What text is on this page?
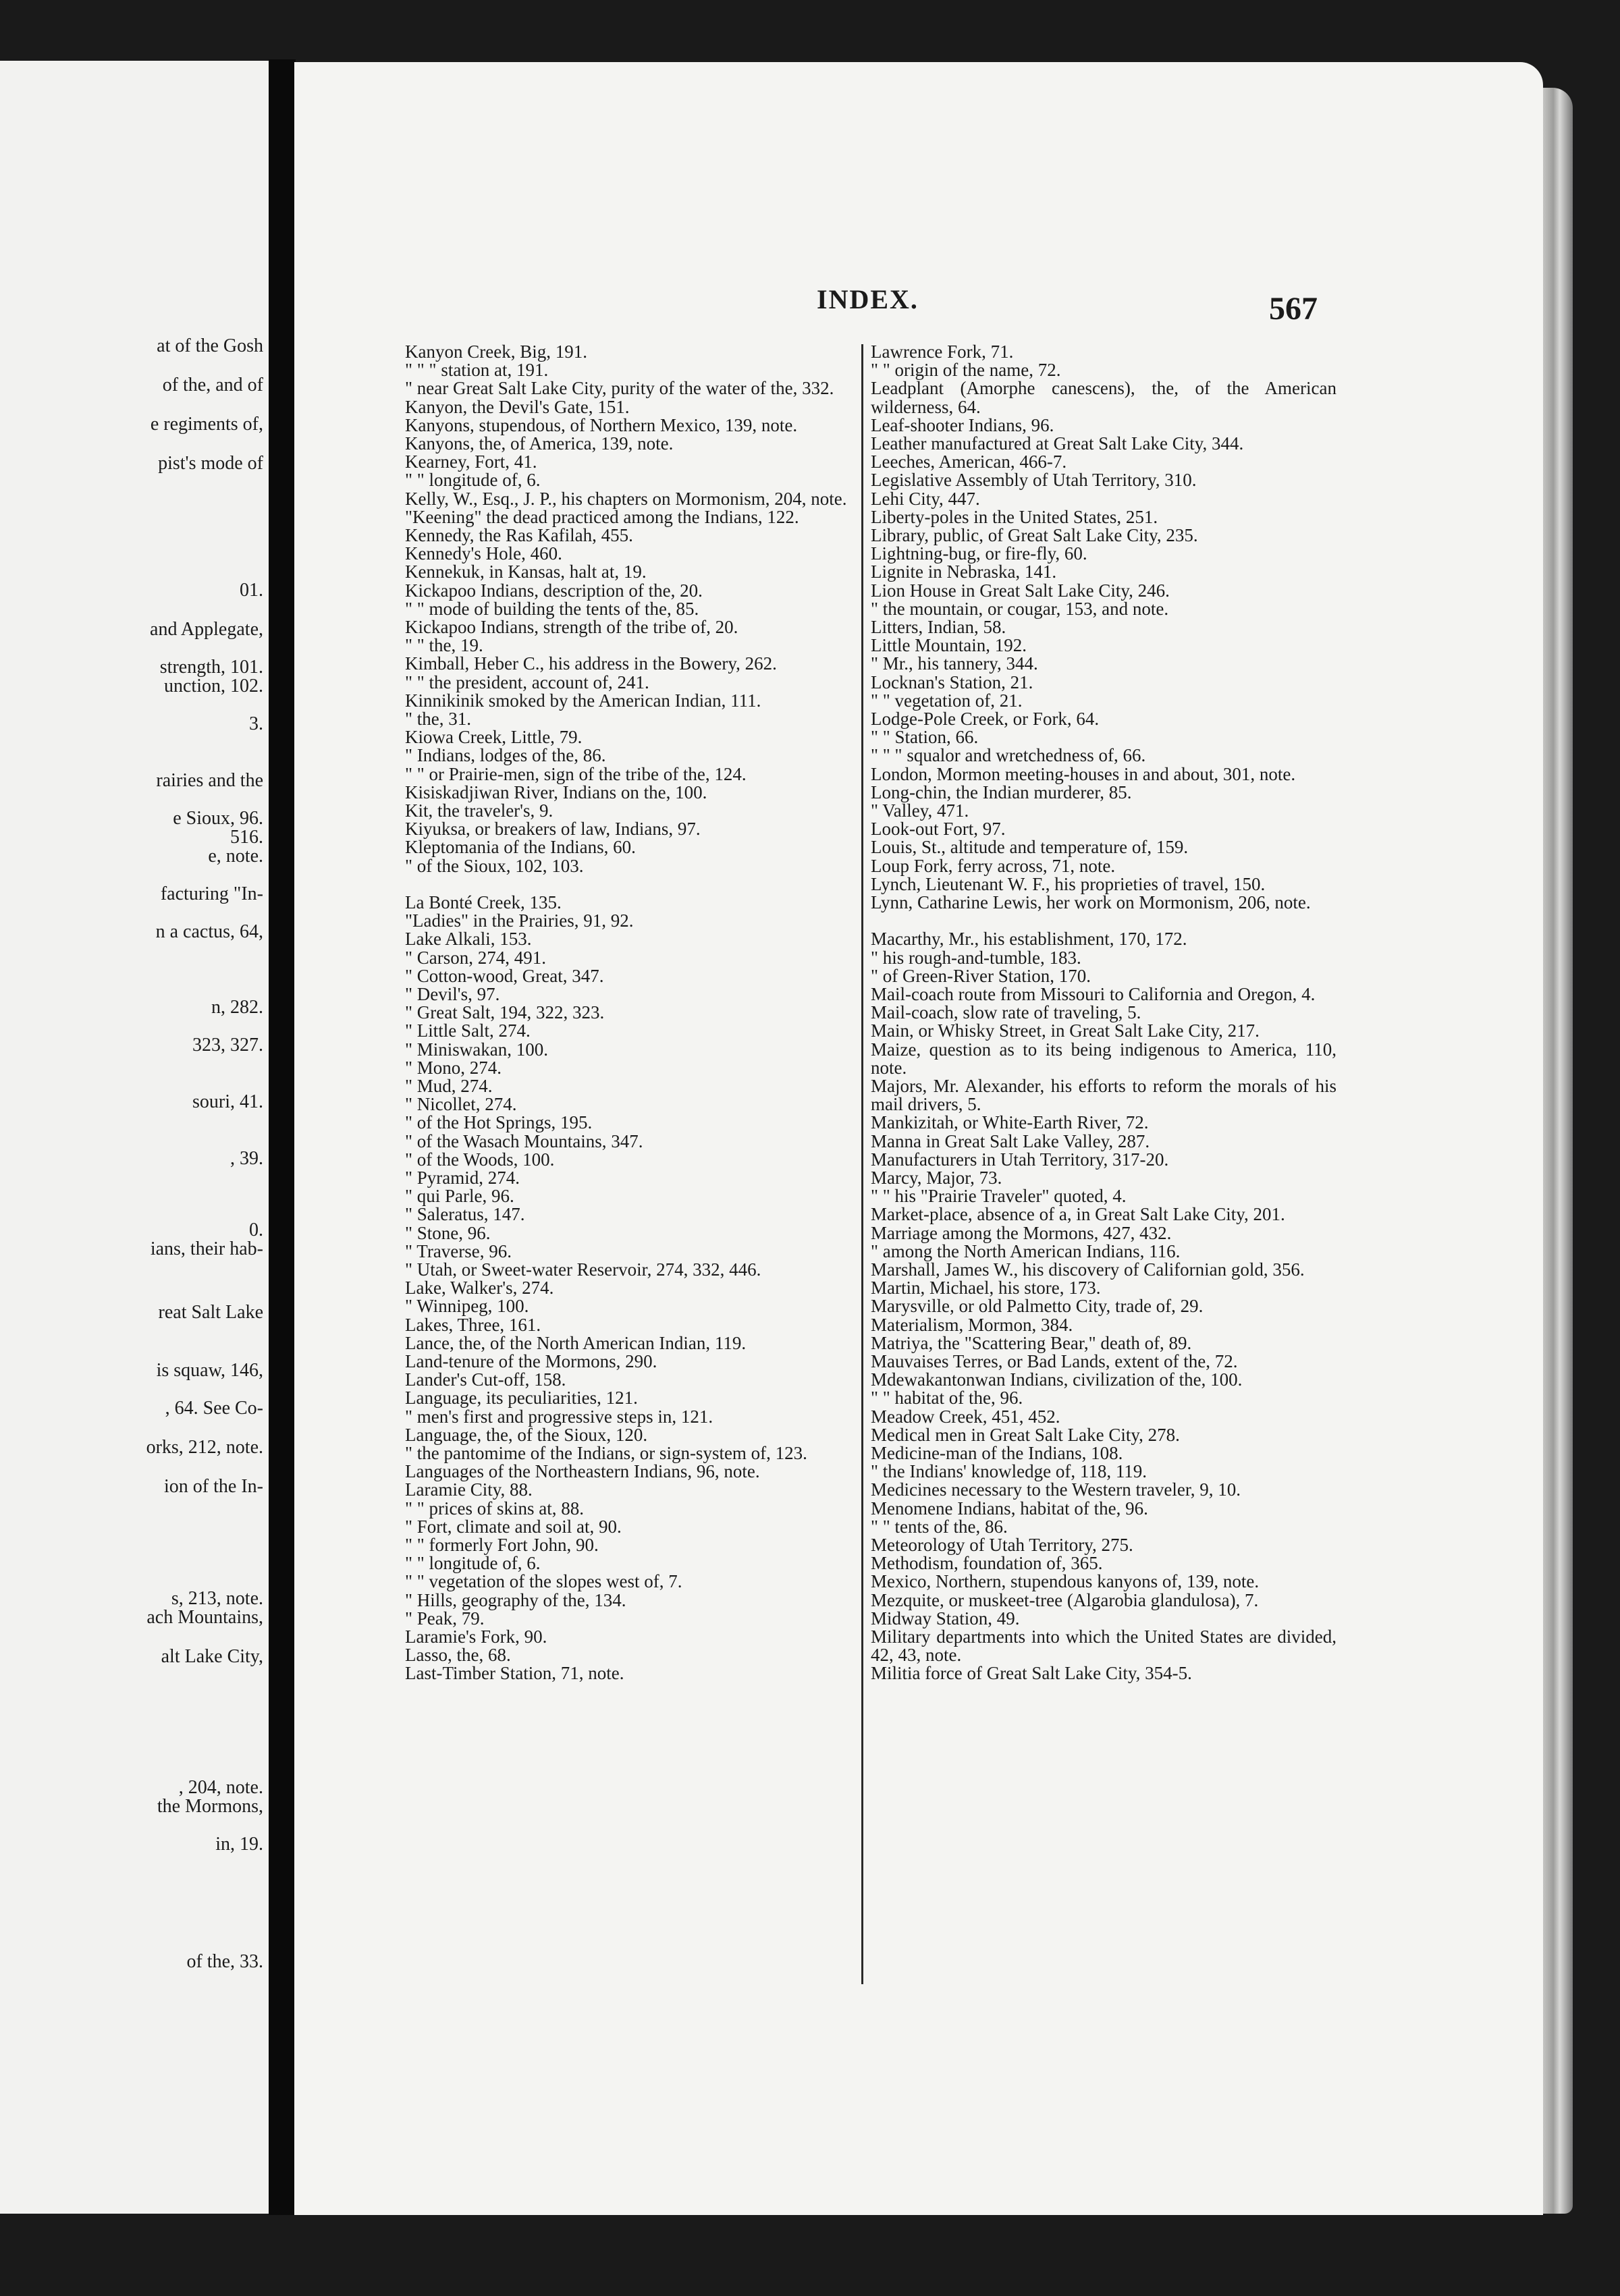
at of the Gosh
of the, and of
e regiments of,
pist's mode of
01.
and Applegate,
strength, 101.
unction, 102.
3.
rairies and the
e Sioux, 96.
516.
e, note.
facturing "In-
n a cactus, 64,
n, 282.
323, 327.
souri, 41.
, 39.
0.
ians, their hab-
reat Salt Lake
is squaw, 146,
, 64. See Co-
orks, 212, note.
ion of the In-
s, 213, note.
ach Mountains,
alt Lake City,
, 204, note.
the Mormons,
in, 19.
of the, 33.
INDEX.	567
Kanyon Creek, Big, 191.
" " " station at, 191.
" near Great Salt Lake City, purity of the water of the, 332.
Kanyon, the Devil's Gate, 151.
Kanyons, stupendous, of Northern Mexico, 139, note.
Kanyons, the, of America, 139, note.
Kearney, Fort, 41.
" " longitude of, 6.
Kelly, W., Esq., J. P., his chapters on Mormonism, 204, note.
"Keening" the dead practiced among the Indians, 122.
Kennedy, the Ras Kafilah, 455.
Kennedy's Hole, 460.
Kennekuk, in Kansas, halt at, 19.
Kickapoo Indians, description of the, 20.
" " mode of building the tents of the, 85.
Kickapoo Indians, strength of the tribe of, 20.
" " the, 19.
Kimball, Heber C., his address in the Bowery, 262.
" " the president, account of, 241.
Kinnikinik smoked by the American Indian, 111.
" the, 31.
Kiowa Creek, Little, 79.
" Indians, lodges of the, 86.
" " or Prairie-men, sign of the tribe of the, 124.
Kisiskadjiwan River, Indians on the, 100.
Kit, the traveler's, 9.
Kiyuksa, or breakers of law, Indians, 97.
Kleptomania of the Indians, 60.
" of the Sioux, 102, 103.
La Bonté Creek, 135.
"Ladies" in the Prairies, 91, 92.
Lake Alkali, 153.
" Carson, 274, 491.
" Cotton-wood, Great, 347.
" Devil's, 97.
" Great Salt, 194, 322, 323.
" Little Salt, 274.
" Miniswakan, 100.
" Mono, 274.
" Mud, 274.
" Nicollet, 274.
" of the Hot Springs, 195.
" of the Wasach Mountains, 347.
" of the Woods, 100.
" Pyramid, 274.
" qui Parle, 96.
" Saleratus, 147.
" Stone, 96.
" Traverse, 96.
" Utah, or Sweet-water Reservoir, 274, 332, 446.
Lake, Walker's, 274.
" Winnipeg, 100.
Lakes, Three, 161.
Lance, the, of the North American Indian, 119.
Land-tenure of the Mormons, 290.
Lander's Cut-off, 158.
Language, its peculiarities, 121.
" men's first and progressive steps in, 121.
Language, the, of the Sioux, 120.
" the pantomime of the Indians, or sign-system of, 123.
Languages of the Northeastern Indians, 96, note.
Laramie City, 88.
" " prices of skins at, 88.
" Fort, climate and soil at, 90.
" " formerly Fort John, 90.
" " longitude of, 6.
" " vegetation of the slopes west of, 7.
" Hills, geography of the, 134.
" Peak, 79.
Laramie's Fork, 90.
Lasso, the, 68.
Last-Timber Station, 71, note.
Lawrence Fork, 71.
" " origin of the name, 72.
Leadplant (Amorphe canescens), the, of the American wilderness, 64.
Leaf-shooter Indians, 96.
Leather manufactured at Great Salt Lake City, 344.
Leeches, American, 466-7.
Legislative Assembly of Utah Territory, 310.
Lehi City, 447.
Liberty-poles in the United States, 251.
Library, public, of Great Salt Lake City, 235.
Lightning-bug, or fire-fly, 60.
Lignite in Nebraska, 141.
Lion House in Great Salt Lake City, 246.
" the mountain, or cougar, 153, and note.
Litters, Indian, 58.
Little Mountain, 192.
" Mr., his tannery, 344.
Locknan's Station, 21.
" " vegetation of, 21.
Lodge-Pole Creek, or Fork, 64.
" " Station, 66.
" " " squalor and wretchedness of, 66.
London, Mormon meeting-houses in and about, 301, note.
Long-chin, the Indian murderer, 85.
" Valley, 471.
Look-out Fort, 97.
Louis, St., altitude and temperature of, 159.
Loup Fork, ferry across, 71, note.
Lynch, Lieutenant W. F., his proprieties of travel, 150.
Lynn, Catharine Lewis, her work on Mormonism, 206, note.
Macarthy, Mr., his establishment, 170, 172.
" his rough-and-tumble, 183.
" of Green-River Station, 170.
Mail-coach route from Missouri to California and Oregon, 4.
Mail-coach, slow rate of traveling, 5.
Main, or Whisky Street, in Great Salt Lake City, 217.
Maize, question as to its being indigenous to America, 110, note.
Majors, Mr. Alexander, his efforts to reform the morals of his mail drivers, 5.
Mankizitah, or White-Earth River, 72.
Manna in Great Salt Lake Valley, 287.
Manufacturers in Utah Territory, 317-20.
Marcy, Major, 73.
" " his "Prairie Traveler" quoted, 4.
Market-place, absence of a, in Great Salt Lake City, 201.
Marriage among the Mormons, 427, 432.
" among the North American Indians, 116.
Marshall, James W., his discovery of Californian gold, 356.
Martin, Michael, his store, 173.
Marysville, or old Palmetto City, trade of, 29.
Materialism, Mormon, 384.
Matriya, the "Scattering Bear," death of, 89.
Mauvaises Terres, or Bad Lands, extent of the, 72.
Mdewakantonwan Indians, civilization of the, 100.
" " habitat of the, 96.
Meadow Creek, 451, 452.
Medical men in Great Salt Lake City, 278.
Medicine-man of the Indians, 108.
" the Indians' knowledge of, 118, 119.
Medicines necessary to the Western traveler, 9, 10.
Menomene Indians, habitat of the, 96.
" " tents of the, 86.
Meteorology of Utah Territory, 275.
Methodism, foundation of, 365.
Mexico, Northern, stupendous kanyons of, 139, note.
Mezquite, or muskeet-tree (Algarobia glandulosa), 7.
Midway Station, 49.
Military departments into which the United States are divided, 42, 43, note.
Militia force of Great Salt Lake City, 354-5.
